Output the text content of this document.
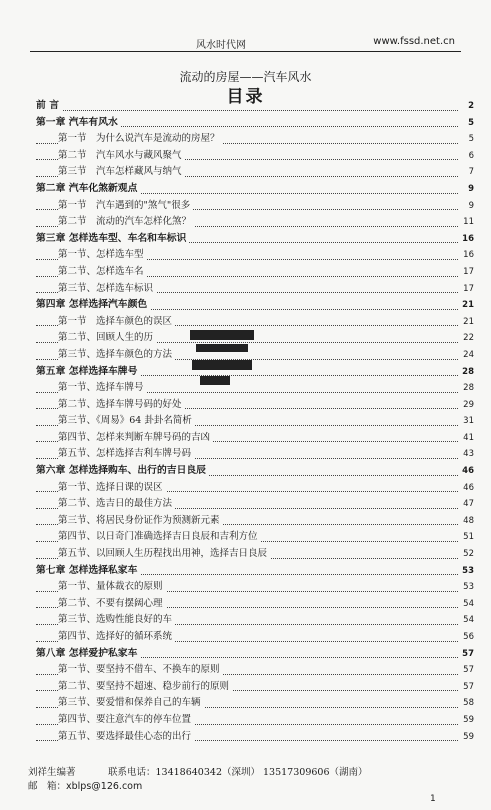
风水时代网	www.fssd.net.cn
流动的房屋——汽车风水
目录
前 言	2
第一章 汽车有风水	5
第一节　为什么说汽车是流动的房屋？	5
第二节　汽车风水与藏风聚气	6
第三节　汽车怎样藏风与纳气	7
第二章 汽车化煞新观点	9
第一节　汽车遇到的"煞气"很多	9
第二节　流动的汽车怎样化煞？	11
第三章 怎样选车型、车名和车标识	16
第一节、怎样选车型	16
第二节、怎样选车名	17
第三节、怎样选车标识	17
第四章 怎样选择汽车颜色	21
第一节　选择车颜色的误区	21
第二节、回顾人生的历	22
第三节、选择车颜色的方法	24
第五章 怎样选择车牌号	28
第一节、选择车牌号	28
第二节、选择车牌号码的好处	29
第三节、《周易》64 卦卦名简析	31
第四节、怎样来判断车牌号码的吉凶	41
第五节、怎样选择吉利车牌号码	43
第六章 怎样选择购车、出行的吉日良辰	46
第一节、选择日课的误区	46
第二节、选吉日的最佳方法	47
第三节、将居民身份证作为预测新元素	48
第四节、以日奇门准确选择吉日良辰和吉利方位	51
第五节、以回顾人生历程找出用神，选择吉日良辰	52
第七章 怎样选择私家车	53
第一节、量体裁衣的原则	53
第二节、不要有摆阔心理	54
第三节、选购性能良好的车	54
第四节、选择好的循环系统	56
第八章 怎样爱护私家车	57
第一节、要坚持不借车、不换车的原则	57
第二节、要坚持不超速、稳步前行的原则	57
第三节、要爱惜和保养自己的车辆	58
第四节、要注意汽车的停车位置	59
第五节、要选择最佳心态的出行	59
刘祥生编著	联系电话：13418640342（深圳） 13517309606（湖南）
邮　箱：xblps@126.com
1
